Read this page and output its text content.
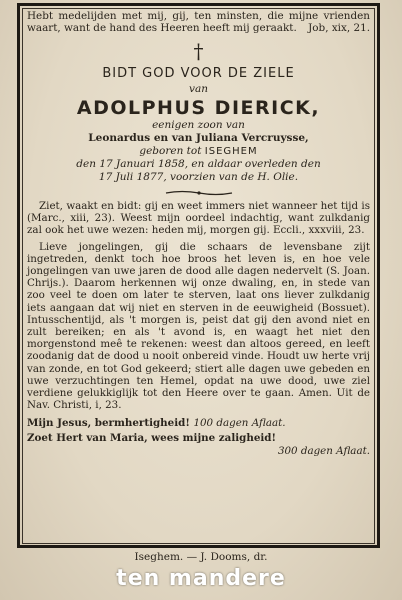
Hebt medelijden met mij, gij, ten minsten, die mijne vrienden waart, want de hand des Heeren heeft mij geraakt.	Job, xix, 21.
†
BIDT GOD VOOR DE ZIELE
van
ADOLPHUS DIERICK,
eenigen zoon van
Leonardus en van Juliana Vercruysse,
geboren tot ISEGHEM
den 17 Januari 1858, en aldaar overleden den
17 Juli 1877, voorzien van de H. Olie.

Ziet, waakt en bidt: gij en weet immers niet wanneer het tijd is (Marc., xiii, 23). Weest mijn oordeel indachtig, want zulkdanig zal ook het uwe wezen: heden mij, morgen gij. Eccli., xxxviii, 23.

Lieve jongelingen, gij die schaars de levensbane zijt ingetreden, denkt toch hoe broos het leven is, en hoe vele jongelingen van uwe jaren de dood alle dagen nedervelt (S. Joan. Chrijs.). Daarom herkennen wij onze dwaling, en, in stede van zoo veel te doen om later te sterven, laat ons liever zulkdanig iets aangaan dat wij niet en sterven in de eeuwigheid (Bossuet). Intusschentijd, als 't morgen is, peist dat gij den avond niet en zult bereiken; en als 't avond is, en waagt het niet den morgenstond meê te rekenen: weest dan altoos gereed, en leeft zoodanig dat de dood u nooit onbereid vinde. Houdt uw herte vrij van zonde, en tot God gekeerd; stiert alle dagen uwe gebeden en uwe verzuchtingen ten Hemel, opdat na uwe dood, uwe ziel verdiene gelukkiglijk tot den Heere over te gaan. Amen. Uit de Nav. Christi, i, 23.

Mijn Jesus, bermhertigheid! 100 dagen Aflaat.
Zoet Hert van Maria, wees mijne zaligheid!
300 dagen Aflaat.
Iseghem. — J. Dooms, dr.
ten mandere
